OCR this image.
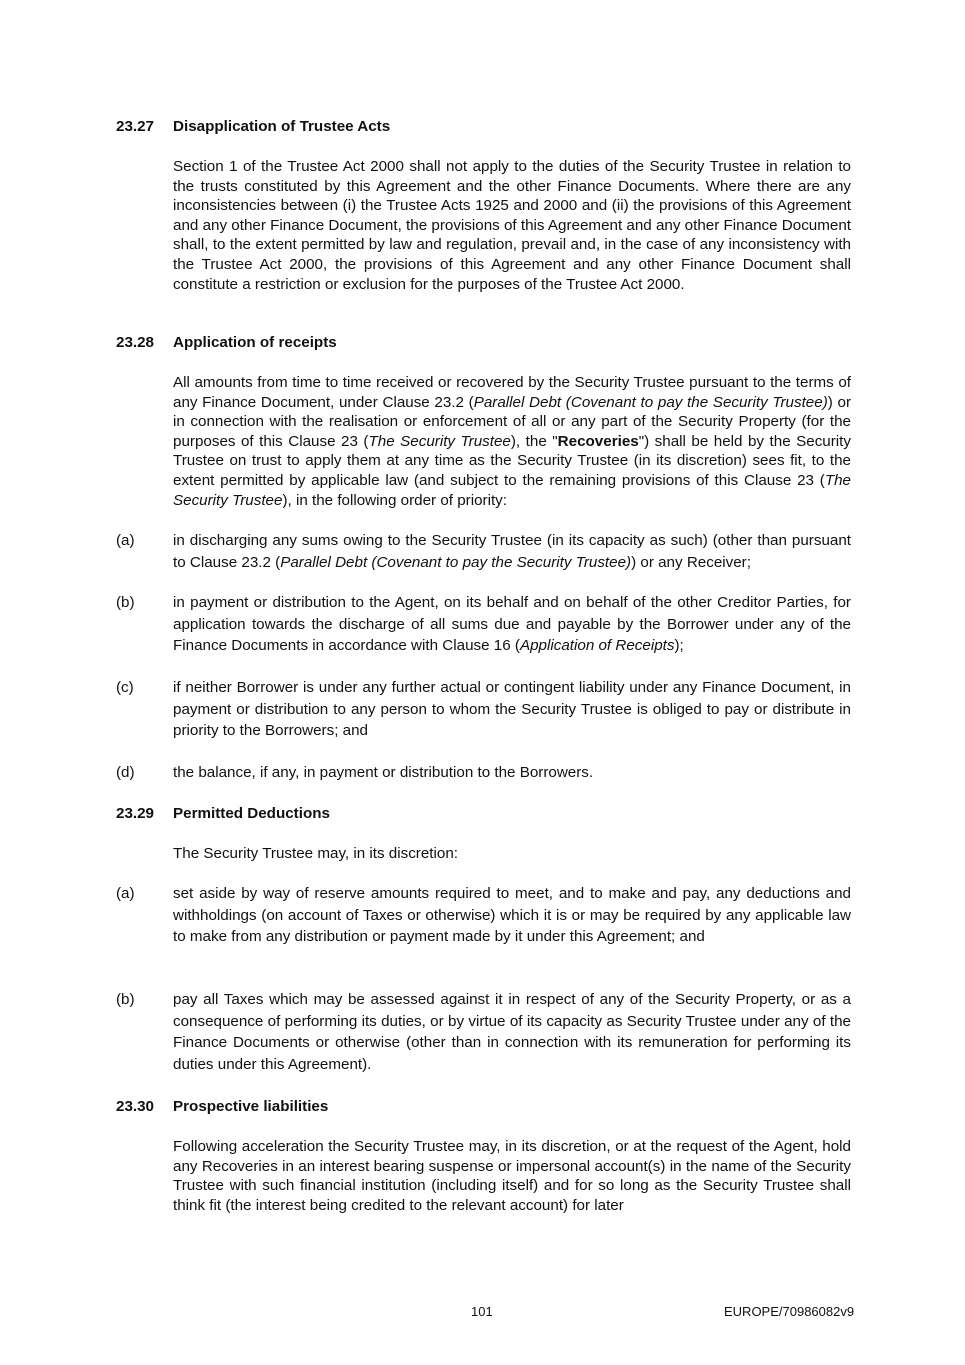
23.27 Disapplication of Trustee Acts

Section 1 of the Trustee Act 2000 shall not apply to the duties of the Security Trustee in relation to the trusts constituted by this Agreement and the other Finance Documents. Where there are any inconsistencies between (i) the Trustee Acts 1925 and 2000 and (ii) the provisions of this Agreement and any other Finance Document, the provisions of this Agreement and any other Finance Document shall, to the extent permitted by law and regulation, prevail and, in the case of any inconsistency with the Trustee Act 2000, the provisions of this Agreement and any other Finance Document shall constitute a restriction or exclusion for the purposes of the Trustee Act 2000.

23.28 Application of receipts

All amounts from time to time received or recovered by the Security Trustee pursuant to the terms of any Finance Document, under Clause 23.2 (Parallel Debt (Covenant to pay the Security Trustee)) or in connection with the realisation or enforcement of all or any part of the Security Property (for the purposes of this Clause 23 (The Security Trustee), the "Recoveries") shall be held by the Security Trustee on trust to apply them at any time as the Security Trustee (in its discretion) sees fit, to the extent permitted by applicable law (and subject to the remaining provisions of this Clause 23 (The Security Trustee), in the following order of priority:

(a)	in discharging any sums owing to the Security Trustee (in its capacity as such) (other than pursuant to Clause 23.2 (Parallel Debt (Covenant to pay the Security Trustee)) or any Receiver;

(b)	in payment or distribution to the Agent, on its behalf and on behalf of the other Creditor Parties, for application towards the discharge of all sums due and payable by the Borrower under any of the Finance Documents in accordance with Clause 16 (Application of Receipts);

(c)	if neither Borrower is under any further actual or contingent liability under any Finance Document, in payment or distribution to any person to whom the Security Trustee is obliged to pay or distribute in priority to the Borrowers; and

(d)	the balance, if any, in payment or distribution to the Borrowers.

23.29 Permitted Deductions

The Security Trustee may, in its discretion:

(a)	set aside by way of reserve amounts required to meet, and to make and pay, any deductions and withholdings (on account of Taxes or otherwise) which it is or may be required by any applicable law to make from any distribution or payment made by it under this Agreement; and

(b)	pay all Taxes which may be assessed against it in respect of any of the Security Property, or as a consequence of performing its duties, or by virtue of its capacity as Security Trustee under any of the Finance Documents or otherwise (other than in connection with its remuneration for performing its duties under this Agreement).

23.30 Prospective liabilities

Following acceleration the Security Trustee may, in its discretion, or at the request of the Agent, hold any Recoveries in an interest bearing suspense or impersonal account(s) in the name of the Security Trustee with such financial institution (including itself) and for so long as the Security Trustee shall think fit (the interest being credited to the relevant account) for later

101	EUROPE/70986082v9
